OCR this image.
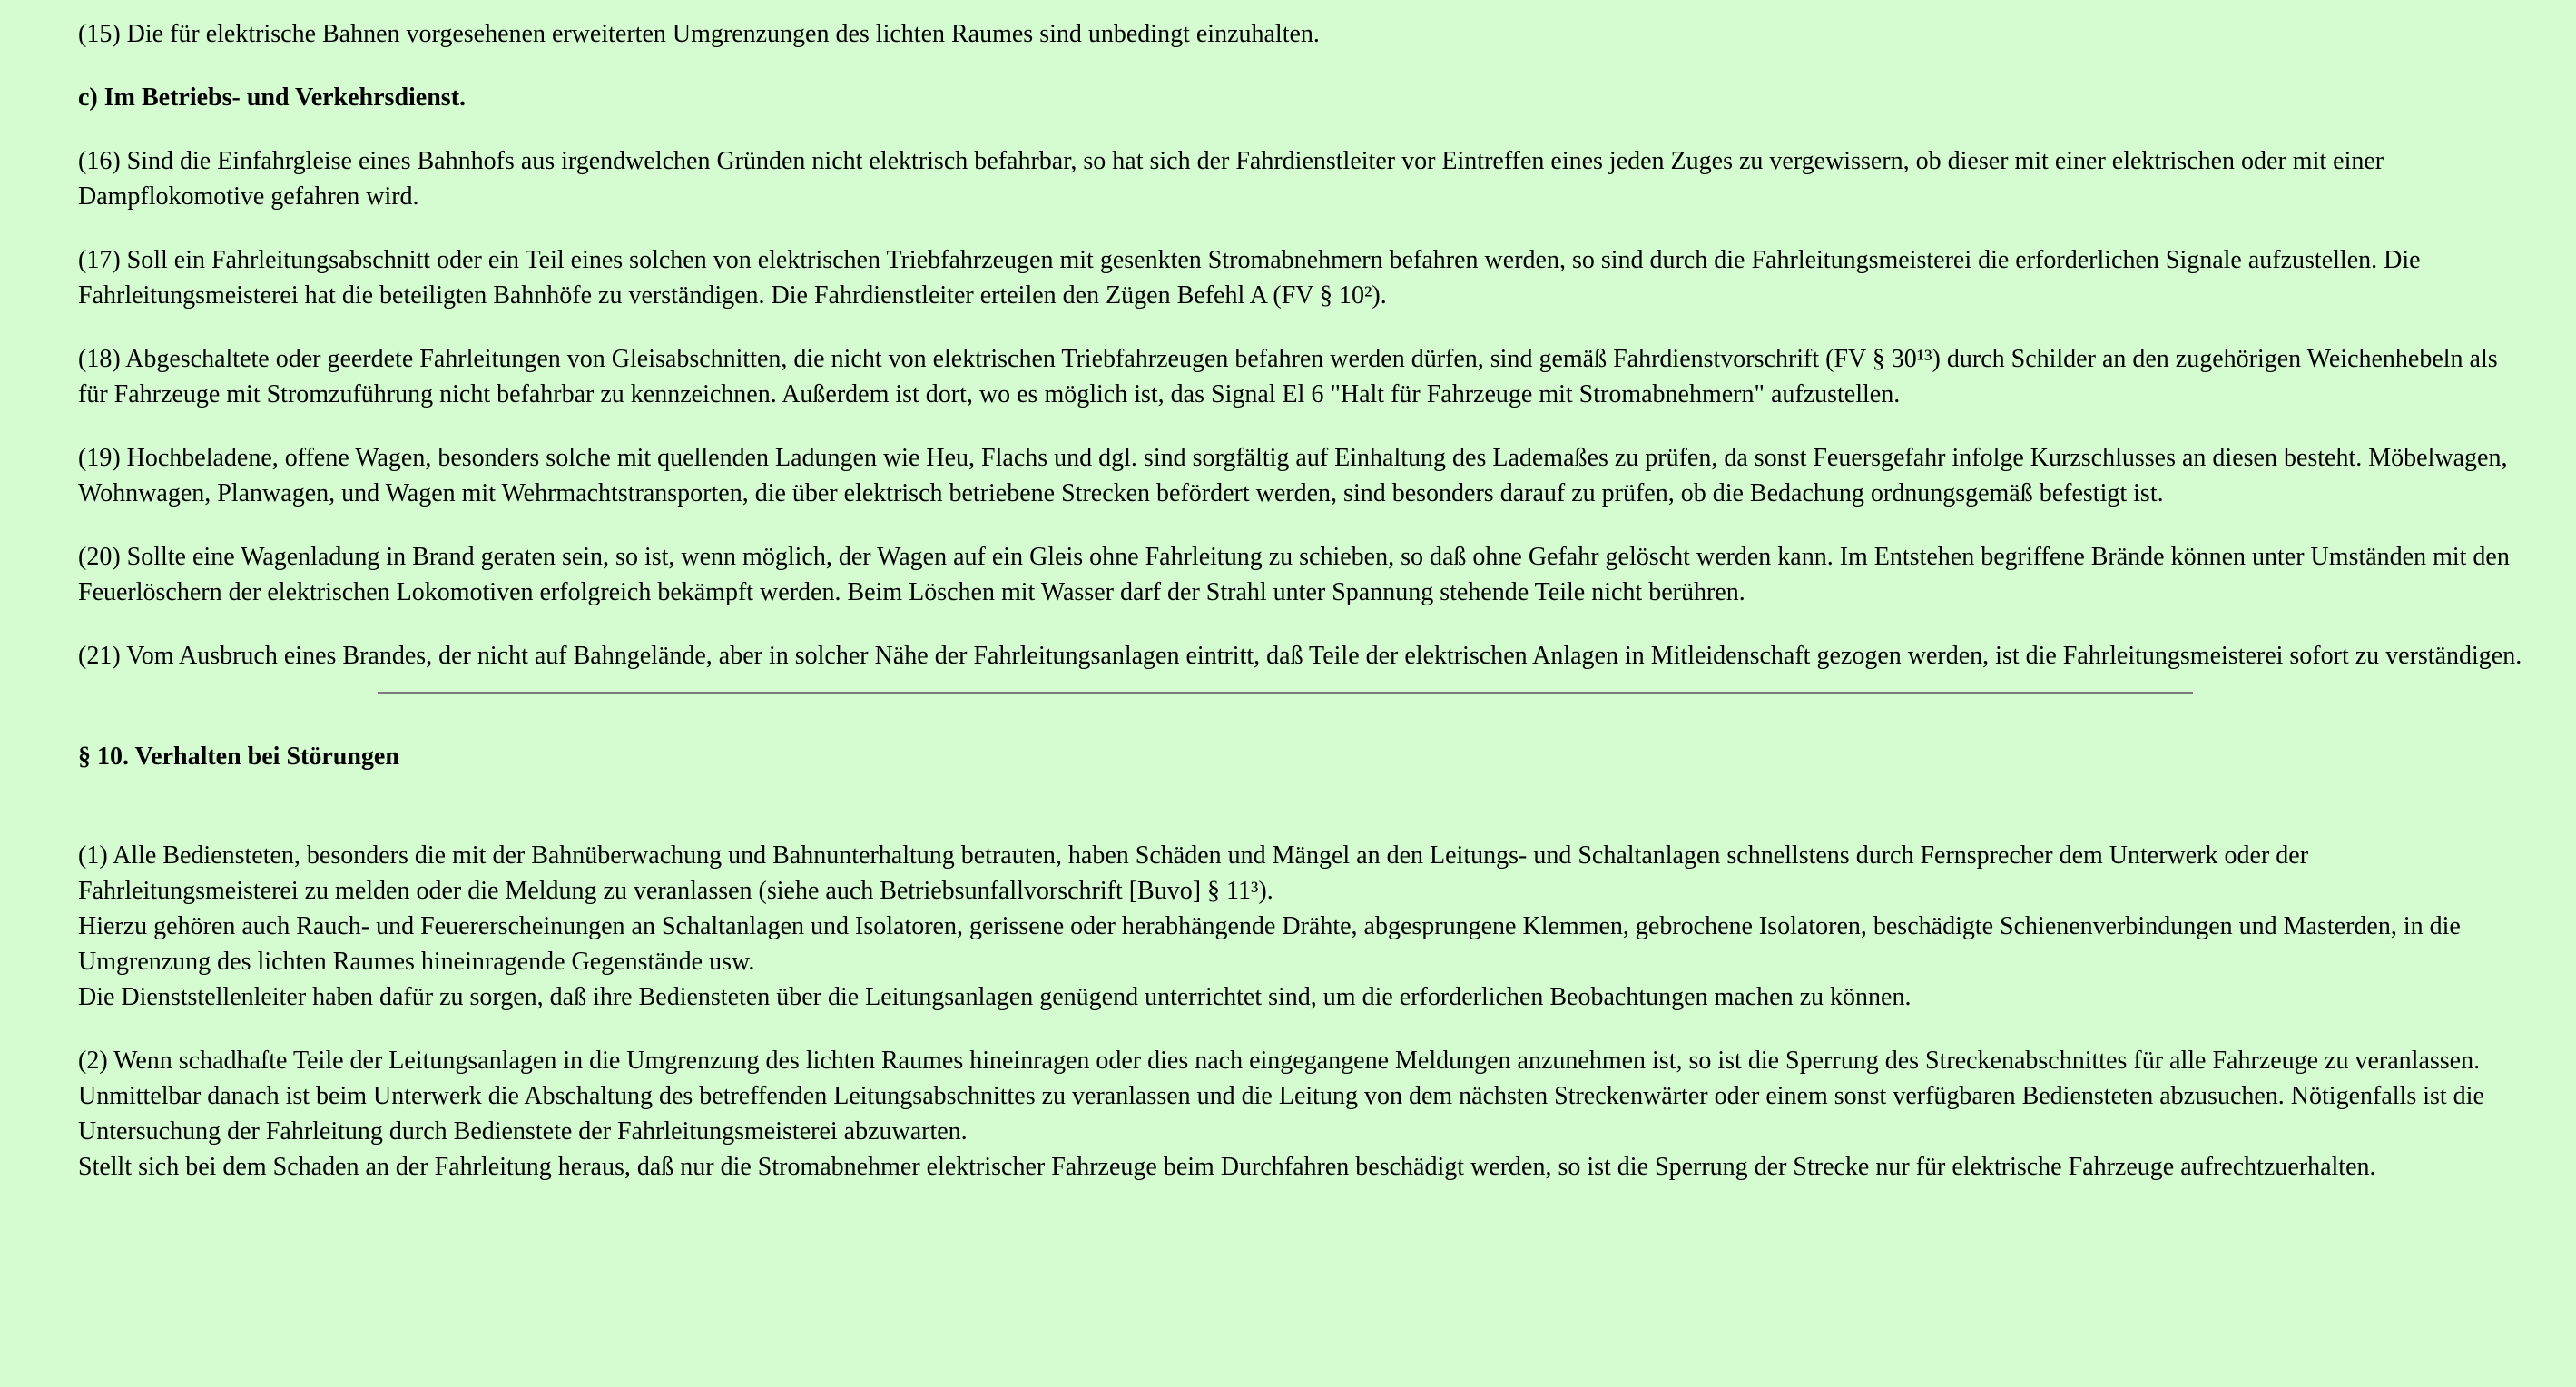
(15) Die für elektrische Bahnen vorgesehenen erweiterten Umgrenzungen des lichten Raumes sind unbedingt einzuhalten.

c) Im Betriebs- und Verkehrsdienst.

(16) Sind die Einfahrgleise eines Bahnhofs aus irgendwelchen Gründen nicht elektrisch befahrbar, so hat sich der Fahrdienstleiter vor Eintreffen eines jeden Zuges zu vergewissern, ob dieser mit einer elektrischen oder mit einer Dampflokomotive gefahren wird.

(17) Soll ein Fahrleitungsabschnitt oder ein Teil eines solchen von elektrischen Triebfahrzeugen mit gesenkten Stromabnehmern befahren werden, so sind durch die Fahrleitungsmeisterei die erforderlichen Signale aufzustellen. Die Fahrleitungsmeisterei hat die beteiligten Bahnhöfe zu verständigen. Die Fahrdienstleiter erteilen den Zügen Befehl A (FV § 10²).

(18) Abgeschaltete oder geerdete Fahrleitungen von Gleisabschnitten, die nicht von elektrischen Triebfahrzeugen befahren werden dürfen, sind gemäß Fahrdienstvorschrift (FV § 30¹³) durch Schilder an den zugehörigen Weichenhebeln als für Fahrzeuge mit Stromzuführung nicht befahrbar zu kennzeichnen. Außerdem ist dort, wo es möglich ist, das Signal El 6 "Halt für Fahrzeuge mit Stromabnehmern" aufzustellen.

(19) Hochbeladene, offene Wagen, besonders solche mit quellenden Ladungen wie Heu, Flachs und dgl. sind sorgfältig auf Einhaltung des Lademaßes zu prüfen, da sonst Feuersgefahr infolge Kurzschlusses an diesen besteht. Möbelwagen, Wohnwagen, Planwagen, und Wagen mit Wehrmachtstransporten, die über elektrisch betriebene Strecken befördert werden, sind besonders darauf zu prüfen, ob die Bedachung ordnungsgemäß befestigt ist.

(20) Sollte eine Wagenladung in Brand geraten sein, so ist, wenn möglich, der Wagen auf ein Gleis ohne Fahrleitung zu schieben, so daß ohne Gefahr gelöscht werden kann. Im Entstehen begriffene Brände können unter Umständen mit den Feuerlöschern der elektrischen Lokomotiven erfolgreich bekämpft werden. Beim Löschen mit Wasser darf der Strahl unter Spannung stehende Teile nicht berühren.

(21) Vom Ausbruch eines Brandes, der nicht auf Bahngelände, aber in solcher Nähe der Fahrleitungsanlagen eintritt, daß Teile der elektrischen Anlagen in Mitleidenschaft gezogen werden, ist die Fahrleitungsmeisterei sofort zu verständigen.

§ 10. Verhalten bei Störungen

(1) Alle Bediensteten, besonders die mit der Bahnüberwachung und Bahnunterhaltung betrauten, haben Schäden und Mängel an den Leitungs- und Schaltanlagen schnellstens durch Fernsprecher dem Unterwerk oder der Fahrleitungsmeisterei zu melden oder die Meldung zu veranlassen (siehe auch Betriebsunfallvorschrift [Buvo] § 11³).
Hierzu gehören auch Rauch- und Feuererscheinungen an Schaltanlagen und Isolatoren, gerissene oder herabhängende Drähte, abgesprungene Klemmen, gebrochene Isolatoren, beschädigte Schienenverbindungen und Masterden, in die Umgrenzung des lichten Raumes hineinragende Gegenstände usw.
Die Dienststellenleiter haben dafür zu sorgen, daß ihre Bediensteten über die Leitungsanlagen genügend unterrichtet sind, um die erforderlichen Beobachtungen machen zu können.

(2) Wenn schadhafte Teile der Leitungsanlagen in die Umgrenzung des lichten Raumes hineinragen oder dies nach eingegangene Meldungen anzunehmen ist, so ist die Sperrung des Streckenabschnittes für alle Fahrzeuge zu veranlassen.
Unmittelbar danach ist beim Unterwerk die Abschaltung des betreffenden Leitungsabschnittes zu veranlassen und die Leitung von dem nächsten Streckenwärter oder einem sonst verfügbaren Bediensteten abzusuchen. Nötigenfalls ist die Untersuchung der Fahrleitung durch Bedienstete der Fahrleitungsmeisterei abzuwarten.
Stellt sich bei dem Schaden an der Fahrleitung heraus, daß nur die Stromabnehmer elektrischer Fahrzeuge beim Durchfahren beschädigt werden, so ist die Sperrung der Strecke nur für elektrische Fahrzeuge aufrechtzuerhalten.
